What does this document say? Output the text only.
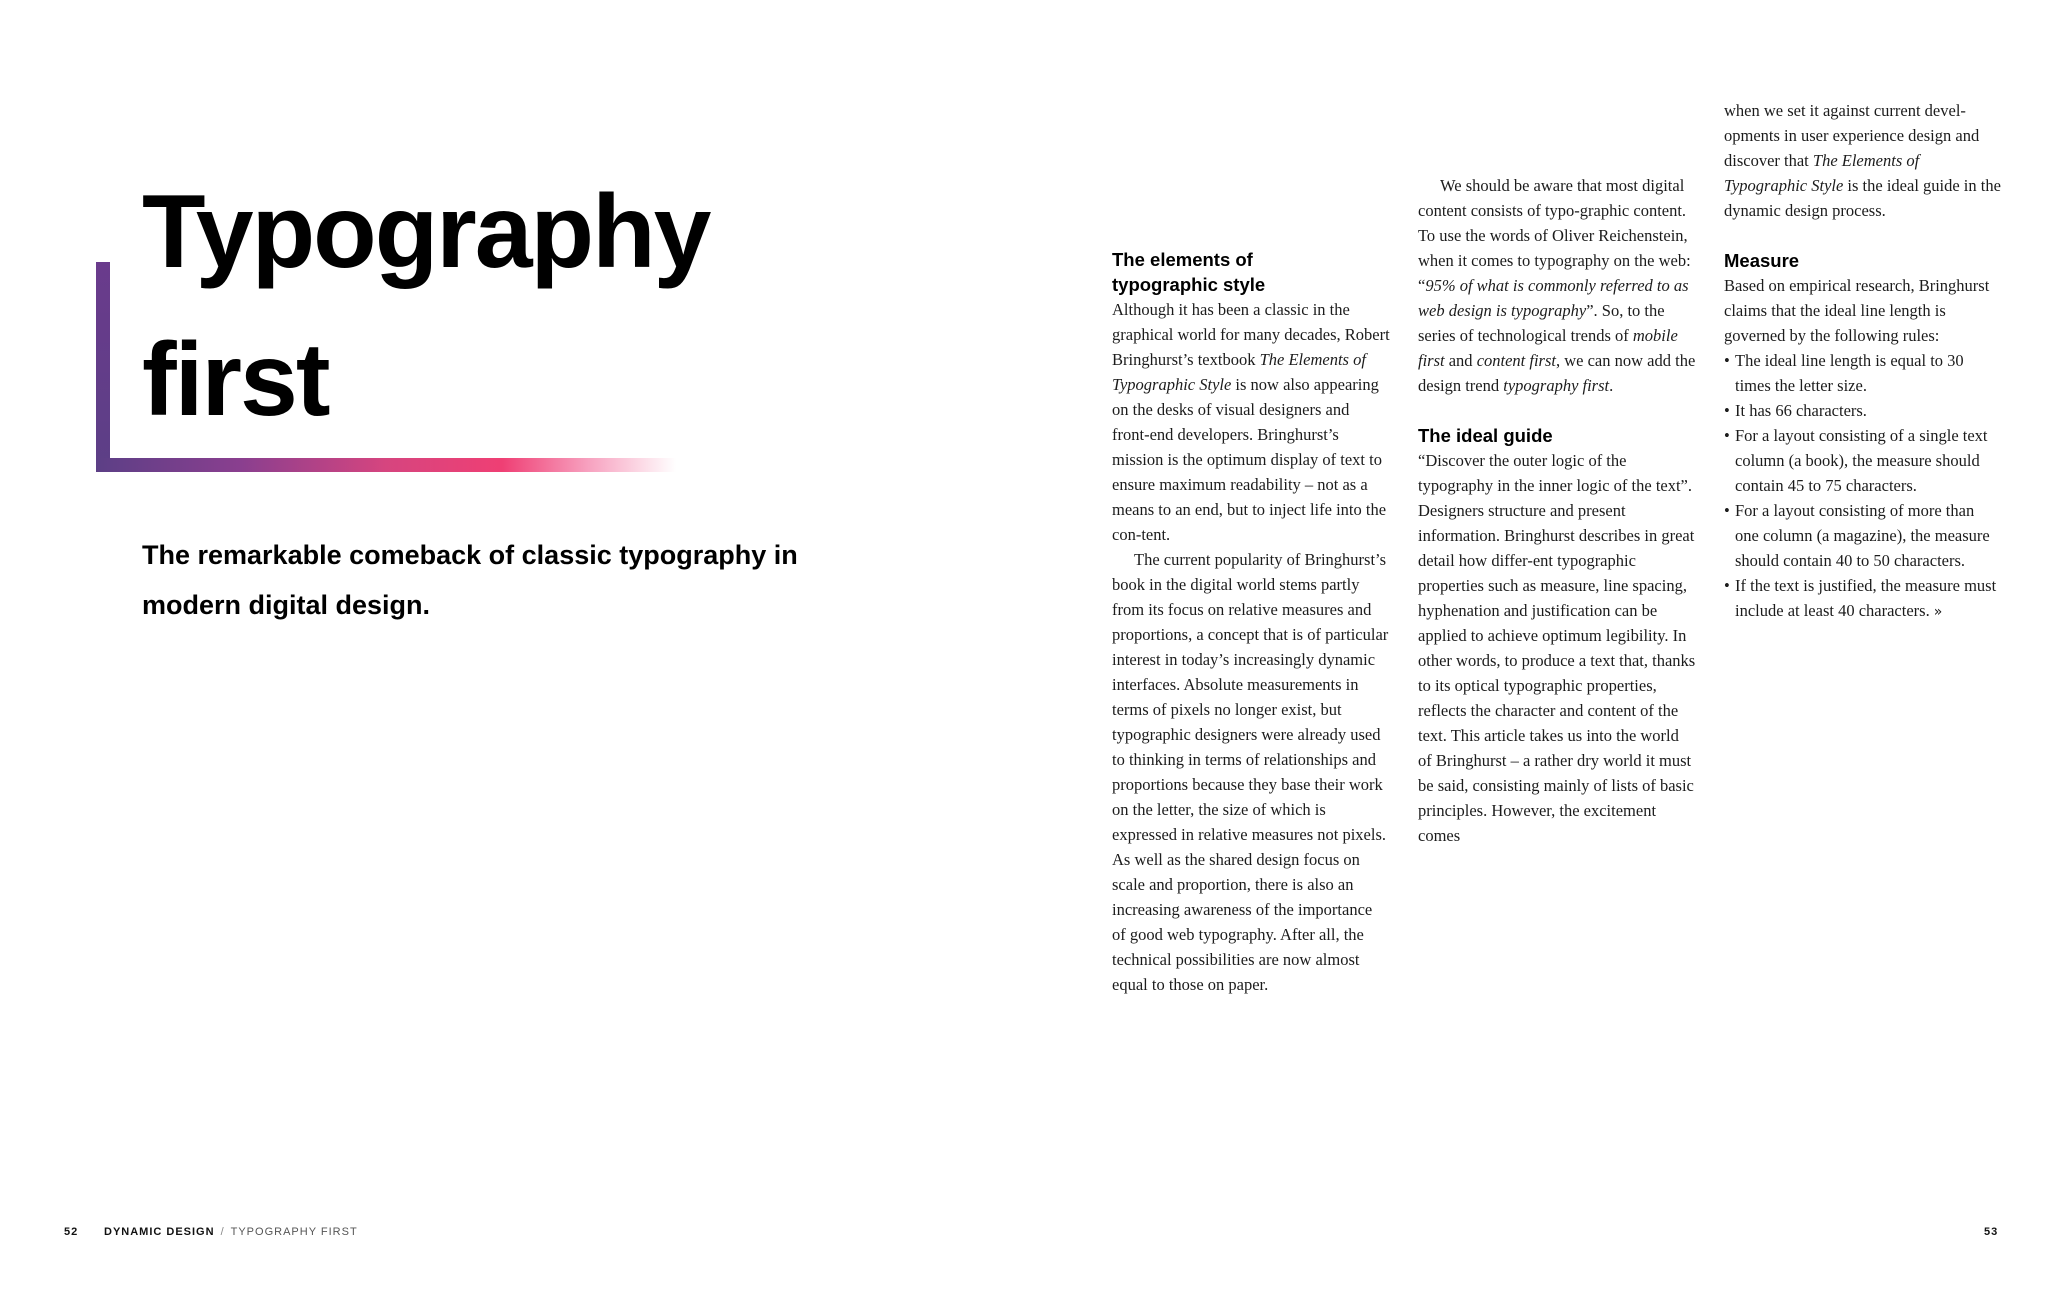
Typography
first

The remarkable comeback of classic typography in modern digital design.

The elements of
typographic style

Although it has been a classic in the graphical world for many decades, Robert Bringhurst’s textbook The Elements of Typographic Style is now also appearing on the desks of visual designers and front-end developers. Bringhurst’s mission is the optimum display of text to ensure maximum readability – not as a means to an end, but to inject life into the con-tent.

The current popularity of Bringhurst’s book in the digital world stems partly from its focus on relative measures and proportions, a concept that is of particular interest in today’s increasingly dynamic interfaces. Absolute measurements in terms of pixels no longer exist, but typographic designers were already used to thinking in terms of relationships and proportions because they base their work on the letter, the size of which is expressed in relative measures not pixels. As well as the shared design focus on scale and proportion, there is also an increasing awareness of the importance of good web typography. After all, the technical possibilities are now almost equal to those on paper.

We should be aware that most digital content consists of typo-graphic content. To use the words of Oliver Reichenstein, when it comes to typography on the web: “95% of what is commonly referred to as web design is typography”. So, to the series of technological trends of mobile first and content first, we can now add the design trend typography first.

The ideal guide

“Discover the outer logic of the typography in the inner logic of the text”. Designers structure and present information. Bringhurst describes in great detail how differ-ent typographic properties such as measure, line spacing, hyphenation and justification can be applied to achieve optimum legibility. In other words, to produce a text that, thanks to its optical typographic properties, reflects the character and content of the text. This article takes us into the world of Bringhurst – a rather dry world it must be said, consisting mainly of lists of basic principles. However, the excitement comes

when we set it against current devel-opments in user experience design and discover that The Elements of Typographic Style is the ideal guide in the dynamic design process.

Measure

Based on empirical research, Bringhurst claims that the ideal line length is governed by the following rules:

• The ideal line length is equal to 30 times the letter size.
• It has 66 characters.
• For a layout consisting of a single text column (a book), the measure should contain 45 to 75 characters.
• For a layout consisting of more than one column (a magazine), the measure should contain 40 to 50 characters.
• If the text is justified, the measure must include at least 40 characters. »
52 DYNAMIC DESIGN / TYPOGRAPHY FIRST	53
